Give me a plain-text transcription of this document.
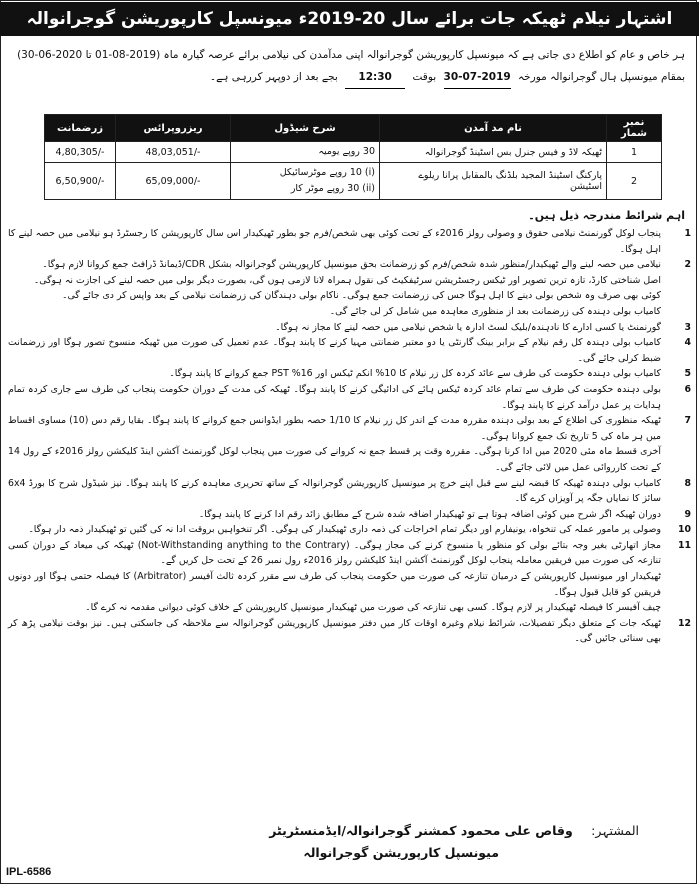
اشتہار نیلام ٹھیکہ جات برائے سال 20-2019ء میونسپل کارپوریشن گوجرانوالہ

ہر خاص و عام کو اطلاع دی جاتی ہے کہ میونسپل کارپوریشن گوجرانوالہ اپنی مدآمدن کی نیلامی برائے عرصہ گیارہ ماہ (2019-08-01 تا 2020-06-30)

بمقام میونسپل ہال گوجرانوالہ مورخہ 30-07-2019 بوقت 12:30 بجے بعد از دوپہر کررہی ہے۔

نمبر شمار	نام مد آمدن	شرح شیڈول	ریزروپرائس	زرضمانت
1	ٹھیکہ لاڈ و فیس جنرل بس اسٹینڈ گوجرانوالہ	30 روپے یومیہ	48,03,051/-	4,80,305/-
2	پارکنگ اسٹینڈ المجید بلڈنگ بالمقابل پرانا ریلوے اسٹیشن	(i) 10 روپے موٹرسائیکل
(ii) 30 روپے موٹر کار	65,09,000/-	6,50,900/-
اہم شرائط مندرجہ ذیل ہیں۔
1

پنجاب لوکل گورنمنٹ نیلامی حقوق و وصولی رولز 2016ء کے تحت کوئی بھی شخص/فرم جو بطور ٹھیکیدار اس سال کارپوریشن کا رجسٹرڈ ہو نیلامی میں حصہ لینے کا اہل ہوگا۔

2

نیلامی میں حصہ لینے والے ٹھیکیدار/منظور شدہ شخص/فرم کو زرضمانت بحق میونسپل کارپوریشن گوجرانوالہ بشکل CDR/ڈیمانڈ ڈرافٹ جمع کروانا لازم ہوگا۔

اصل شناختی کارڈ، تازہ ترین تصویر اور ٹیکس رجسٹریشن سرٹیفکیٹ کی نقول ہمراہ لانا لازمی ہوں گی، بصورت دیگر بولی میں حصہ لینے کی اجازت نہ ہوگی۔

کوئی بھی صرف وہ شخص بولی دینے کا اہل ہوگا جس کی زرضمانت جمع ہوگی۔ ناکام بولی دہندگان کی زرضمانت نیلامی کے بعد واپس کر دی جائے گی۔

کامیاب بولی دہندہ کی زرضمانت بعد از منظوری معاہدہ میں شامل کر لی جائے گی۔

3

گورنمنٹ یا کسی ادارے کا نادہندہ/بلیک لسٹ ادارہ یا شخص نیلامی میں حصہ لینے کا مجاز نہ ہوگا۔

4

کامیاب بولی دہندہ کل رقم نیلام کے برابر بینک گارنٹی یا دو معتبر ضمانتی مہیا کرنے کا پابند ہوگا۔ عدم تعمیل کی صورت میں ٹھیکہ منسوخ تصور ہوگا اور زرضمانت ضبط کرلی جائے گی۔

5

کامیاب بولی دہندہ حکومت کی طرف سے عائد کردہ کل زر نیلام کا 10% انکم ٹیکس اور 16% PST جمع کروانے کا پابند ہوگا۔

6

بولی دہندہ حکومت کی طرف سے تمام عائد کردہ ٹیکس ہائے کی ادائیگی کرنے کا پابند ہوگا۔ ٹھیکہ کی مدت کے دوران حکومت پنجاب کی طرف سے جاری کردہ تمام ہدایات پر عمل درآمد کرنے کا پابند ہوگا۔

7

ٹھیکہ منظوری کی اطلاع کے بعد بولی دہندہ مقررہ مدت کے اندر کل زر نیلام کا 1/10 حصہ بطور ایڈوانس جمع کروانے کا پابند ہوگا۔ بقایا رقم دس (10) مساوی اقساط میں ہر ماہ کی 5 تاریخ تک جمع کروانا ہوگی۔

آخری قسط ماہ مئی 2020 میں ادا کرنا ہوگی۔ مقررہ وقت پر قسط جمع نہ کروانے کی صورت میں پنجاب لوکل گورنمنٹ آکشن اینڈ کلیکشن رولز 2016ء کے رول 14 کے تحت کارروائی عمل میں لائی جائے گی۔

8

کامیاب بولی دہندہ ٹھیکہ کا قبضہ لینے سے قبل اپنے خرچ پر میونسپل کارپوریشن گوجرانوالہ کے ساتھ تحریری معاہدہ کرنے کا پابند ہوگا۔ نیز شیڈول شرح کا بورڈ 6x4 سائز کا نمایاں جگہ پر آویزاں کرے گا۔

9

دوران ٹھیکہ اگر شرح میں کوئی اضافہ ہوتا ہے تو ٹھیکیدار اضافہ شدہ شرح کے مطابق زائد رقم ادا کرنے کا پابند ہوگا۔

10

وصولی پر مامور عملہ کی تنخواہ، یونیفارم اور دیگر تمام اخراجات کی ذمہ داری ٹھیکیدار کی ہوگی۔ اگر تنخواہیں بروقت ادا نہ کی گئیں تو ٹھیکیدار ذمہ دار ہوگا۔

11

مجاز اتھارٹی بغیر وجہ بتائے بولی کو منظور یا منسوخ کرنے کی مجاز ہوگی۔ (Not-Withstanding anything to the Contrary) ٹھیکہ کی میعاد کے دوران کسی تنازعہ کی صورت میں فریقین معاملہ پنجاب لوکل گورنمنٹ آکشن اینڈ کلیکشن رولز 2016ء رول نمبر 26 کے تحت حل کریں گے۔

ٹھیکیدار اور میونسپل کارپوریشن کے درمیان تنازعہ کی صورت میں حکومت پنجاب کی طرف سے مقرر کردہ ثالث آفیسر (Arbitrator) کا فیصلہ حتمی ہوگا اور دونوں فریقین کو قابل قبول ہوگا۔

چیف آفیسر کا فیصلہ ٹھیکیدار پر لازم ہوگا۔ کسی بھی تنازعہ کی صورت میں ٹھیکیدار میونسپل کارپوریشن کے خلاف کوئی دیوانی مقدمہ نہ کرے گا۔

12

ٹھیکہ جات کے متعلق دیگر تفصیلات، شرائط نیلام وغیرہ اوقات کار میں دفتر میونسپل کارپوریشن گوجرانوالہ سے ملاحظہ کی جاسکتی ہیں۔ نیز بوقت نیلامی پڑھ کر بھی سنائی جائیں گی۔

المشتہر: وقاص علی محمود کمشنر گوجرانوالہ/ایڈمنسٹریٹر
میونسپل کارپوریشن گوجرانوالہ
IPL-6586
